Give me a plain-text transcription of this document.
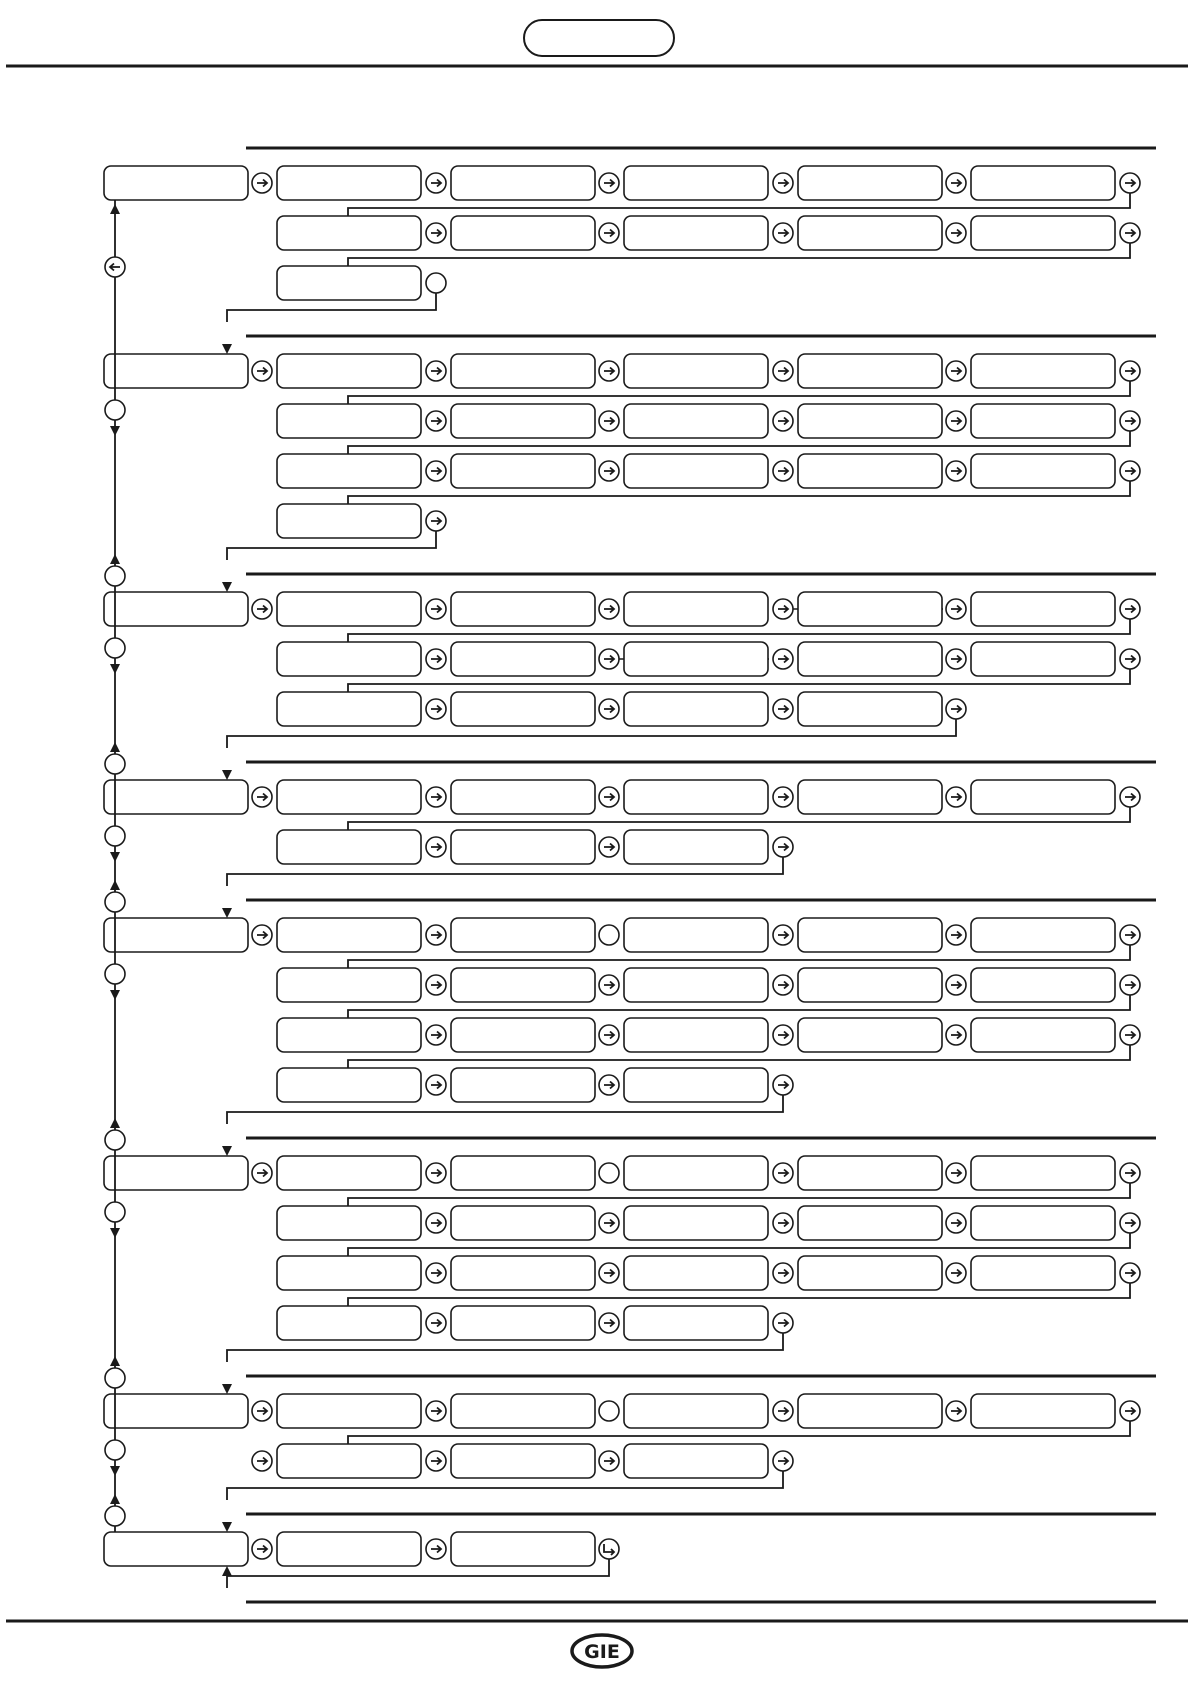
GIE
